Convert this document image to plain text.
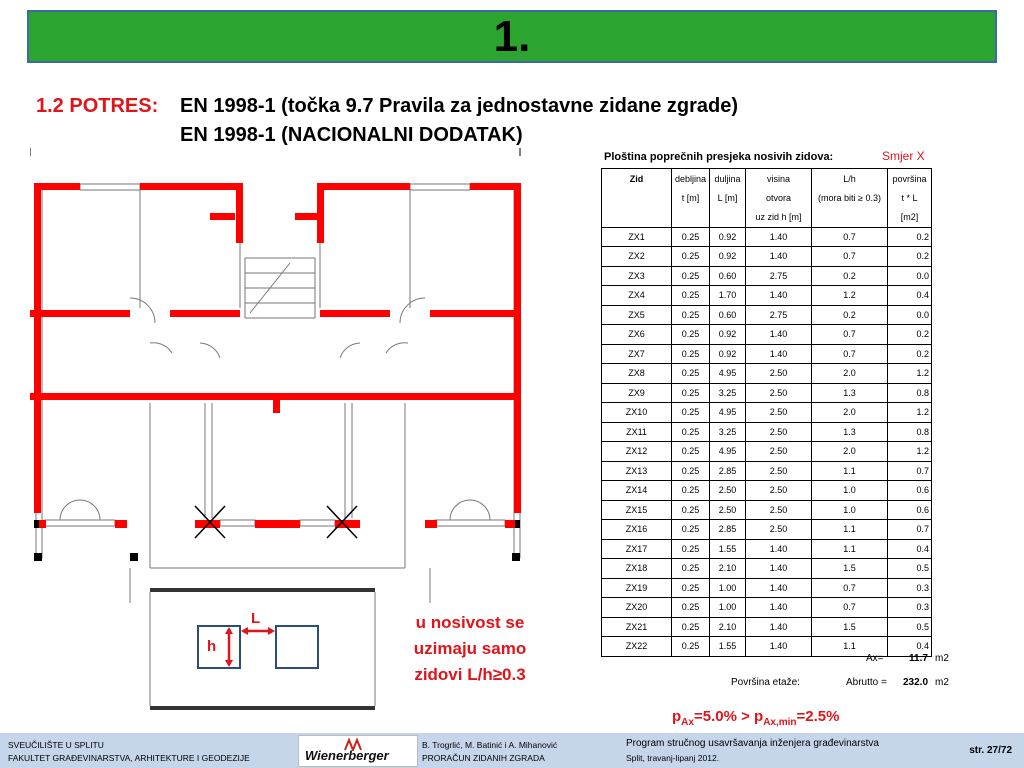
1.
1.2 POTRES: EN 1998-1 (točka 9.7 Pravila za jednostavne zidane zgrade)
EN 1998-1 (NACIONALNI DODATAK)
L
h
u nosivost se
uzimaju samo
zidovi L/h≥0.3
Ploština poprečnih presjeka nosivih zidova:	Smjer X
Zid	debljina	duljina	visina	L/h	površina
	t [m]	L [m]	otvora	(mora biti ≥ 0.3)	t * L
			uz zid h [m]		[m2]
ZX1	0.25	0.92	1.40	0.7	0.2
ZX2	0.25	0.92	1.40	0.7	0.2
ZX3	0.25	0.60	2.75	0.2	0.0
ZX4	0.25	1.70	1.40	1.2	0.4
ZX5	0.25	0.60	2.75	0.2	0.0
ZX6	0.25	0.92	1.40	0.7	0.2
ZX7	0.25	0.92	1.40	0.7	0.2
ZX8	0.25	4.95	2.50	2.0	1.2
ZX9	0.25	3.25	2.50	1.3	0.8
ZX10	0.25	4.95	2.50	2.0	1.2
ZX11	0.25	3.25	2.50	1.3	0.8
ZX12	0.25	4.95	2.50	2.0	1.2
ZX13	0.25	2.85	2.50	1.1	0.7
ZX14	0.25	2.50	2.50	1.0	0.6
ZX15	0.25	2.50	2.50	1.0	0.6
ZX16	0.25	2.85	2.50	1.1	0.7
ZX17	0.25	1.55	1.40	1.1	0.4
ZX18	0.25	2.10	1.40	1.5	0.5
ZX19	0.25	1.00	1.40	0.7	0.3
ZX20	0.25	1.00	1.40	0.7	0.3
ZX21	0.25	2.10	1.40	1.5	0.5
ZX22	0.25	1.55	1.40	1.1	0.4
Ax=	11.7 m2
Površina etaže:	Abrutto = 232.0 m2
$p_{Ax}=5.0\% > p_{Ax,min}=2.5\%$
SVEUČILIŠTE U SPLITU
FAKULTET GRAĐEVINARSTVA, ARHITEKTURE I GEODEZIJE	Wienerberger
B. Trogrlić, M. Batinić i A. Mihanović
PRORAČUN ZIDANIH ZGRADA
Program stručnog usavršavanja inženjera građevinarstva
Split, travanj-lipanj 2012.
str. 27/72
